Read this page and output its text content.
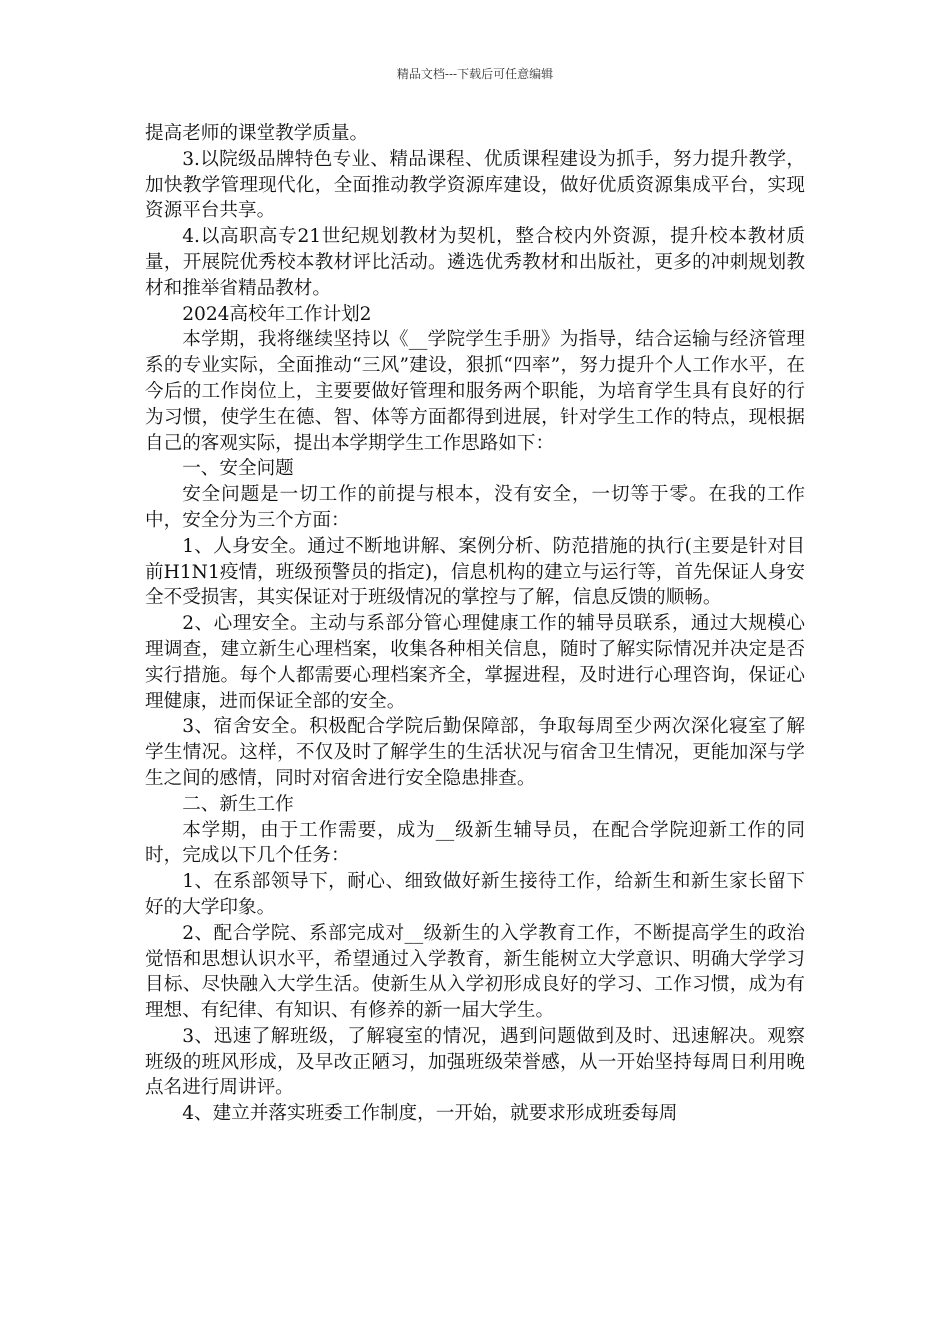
精品文档---下载后可任意编辑

提高老师的课堂教学质量。

3.以院级品牌特色专业、精品课程、优质课程建设为抓手，努力提升教学，加快教学管理现代化，全面推动教学资源库建设，做好优质资源集成平台，实现资源平台共享。

4.以高职高专21世纪规划教材为契机，整合校内外资源，提升校本教材质量，开展院优秀校本教材评比活动。遴选优秀教材和出版社，更多的冲刺规划教材和推举省精品教材。

2024高校年工作计划2

本学期，我将继续坚持以《__学院学生手册》为指导，结合运输与经济管理系的专业实际，全面推动“三风”建设，狠抓“四率”，努力提升个人工作水平，在今后的工作岗位上，主要要做好管理和服务两个职能，为培育学生具有良好的行为习惯，使学生在德、智、体等方面都得到进展，针对学生工作的特点，现根据自己的客观实际，提出本学期学生工作思路如下：

一、安全问题

安全问题是一切工作的前提与根本，没有安全，一切等于零。在我的工作中，安全分为三个方面：

1、人身安全。通过不断地讲解、案例分析、防范措施的执行(主要是针对目前H1N1疫情，班级预警员的指定)，信息机构的建立与运行等，首先保证人身安全不受损害，其实保证对于班级情况的掌控与了解，信息反馈的顺畅。

2、心理安全。主动与系部分管心理健康工作的辅导员联系，通过大规模心理调查，建立新生心理档案，收集各种相关信息，随时了解实际情况并决定是否实行措施。每个人都需要心理档案齐全，掌握进程，及时进行心理咨询，保证心理健康，进而保证全部的安全。

3、宿舍安全。积极配合学院后勤保障部，争取每周至少两次深化寝室了解学生情况。这样，不仅及时了解学生的生活状况与宿舍卫生情况，更能加深与学生之间的感情，同时对宿舍进行安全隐患排查。

二、新生工作

本学期，由于工作需要，成为__级新生辅导员，在配合学院迎新工作的同时，完成以下几个任务：

1、在系部领导下，耐心、细致做好新生接待工作，给新生和新生家长留下好的大学印象。

2、配合学院、系部完成对__级新生的入学教育工作，不断提高学生的政治觉悟和思想认识水平，希望通过入学教育，新生能树立大学意识、明确大学学习目标、尽快融入大学生活。使新生从入学初形成良好的学习、工作习惯，成为有理想、有纪律、有知识、有修养的新一届大学生。

3、迅速了解班级，了解寝室的情况，遇到问题做到及时、迅速解决。观察班级的班风形成，及早改正陋习，加强班级荣誉感，从一开始坚持每周日利用晚点名进行周讲评。

4、建立并落实班委工作制度，一开始，就要求形成班委每周
